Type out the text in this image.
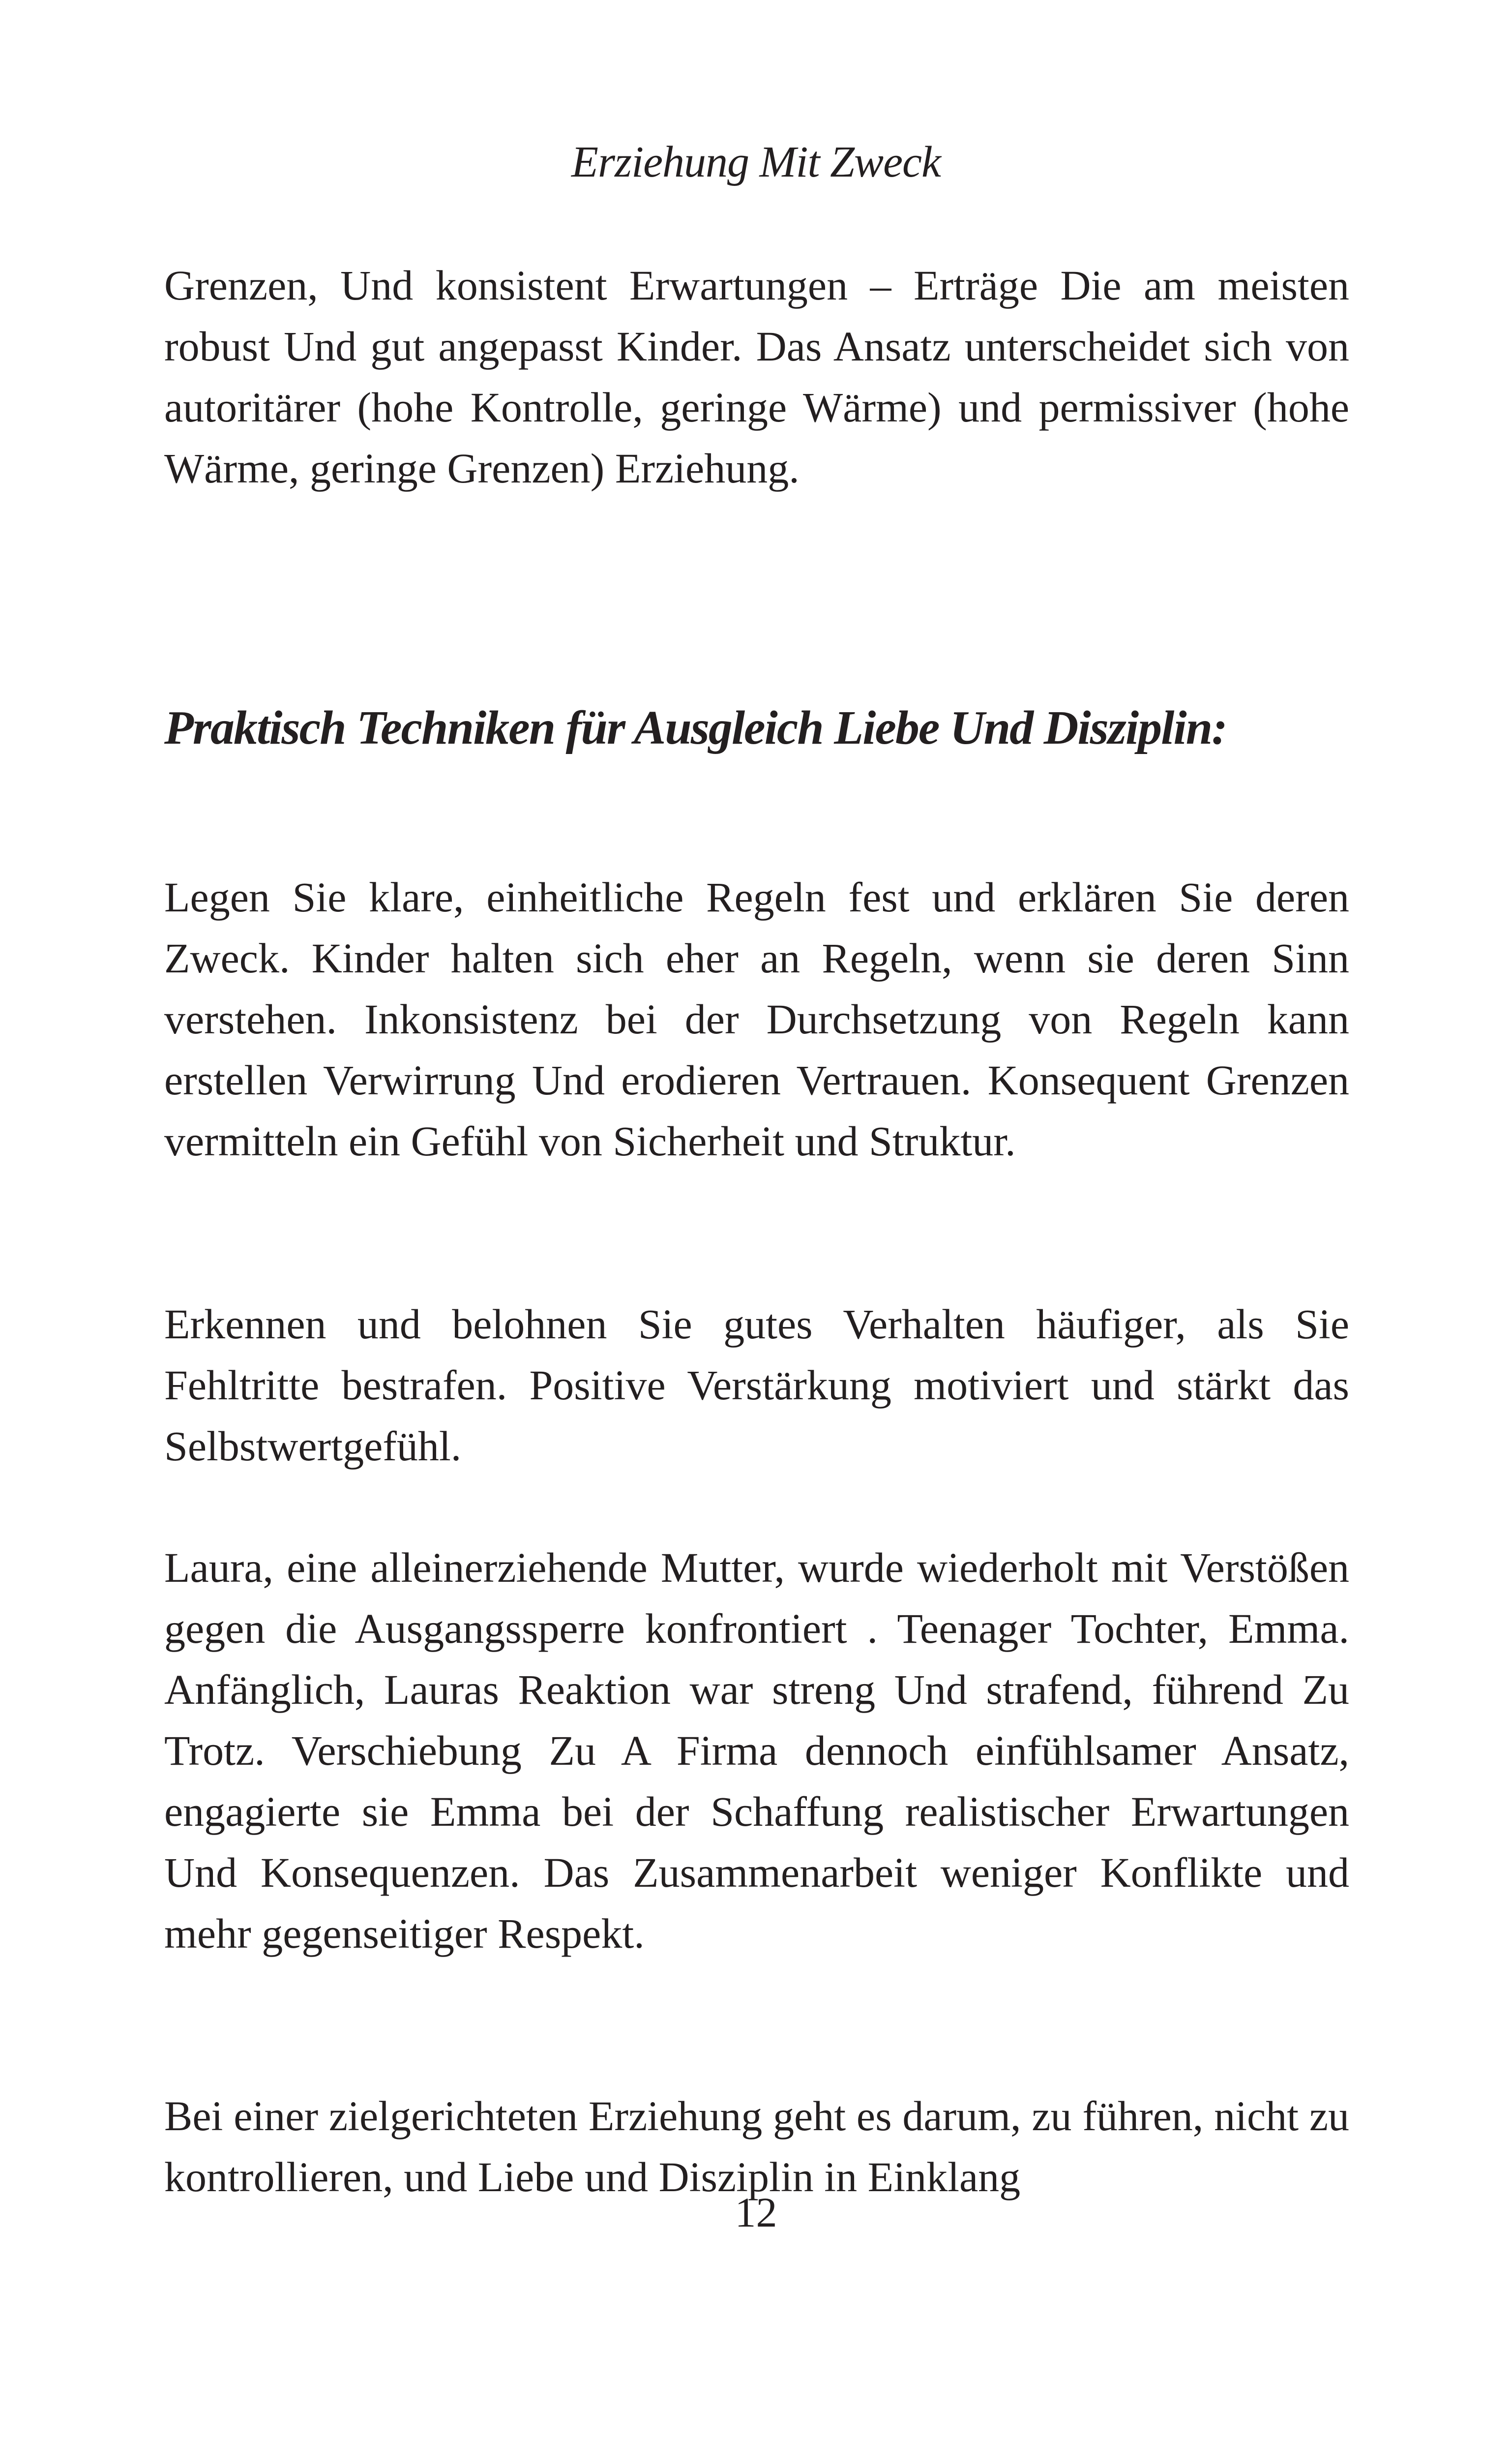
Erziehung Mit Zweck

Grenzen, Und konsistent Erwartungen – Erträge Die am meisten robust Und gut angepasst Kinder. Das Ansatz unterscheidet sich von autoritärer (hohe Kontrolle, geringe Wärme) und permissiver (hohe Wärme, geringe Grenzen) Erziehung.

Praktisch Techniken für Ausgleich Liebe Und Disziplin:

Legen Sie klare, einheitliche Regeln fest und erklären Sie deren Zweck. Kinder halten sich eher an Regeln, wenn sie deren Sinn verstehen. Inkonsistenz bei der Durchsetzung von Regeln kann erstellen Verwirrung Und erodieren Vertrauen. Konsequent Grenzen vermitteln ein Gefühl von Sicherheit und Struktur.

Erkennen und belohnen Sie gutes Verhalten häufiger, als Sie Fehltritte bestrafen. Positive Verstärkung motiviert und stärkt das Selbstwertgefühl.

Laura, eine alleinerziehende Mutter, wurde wiederholt mit Verstößen gegen die Ausgangssperre konfrontiert . Teenager Tochter, Emma. Anfänglich, Lauras Reaktion war streng Und strafend, führend Zu Trotz. Verschiebung Zu A Firma dennoch einfühlsamer Ansatz, engagierte sie Emma bei der Schaffung realistischer Erwartungen Und Konsequenzen. Das Zusammenarbeit weniger Konflikte und mehr gegenseitiger Respekt.

Bei einer zielgerichteten Erziehung geht es darum, zu führen, nicht zu kontrollieren, und Liebe und Disziplin in Einklang

12
